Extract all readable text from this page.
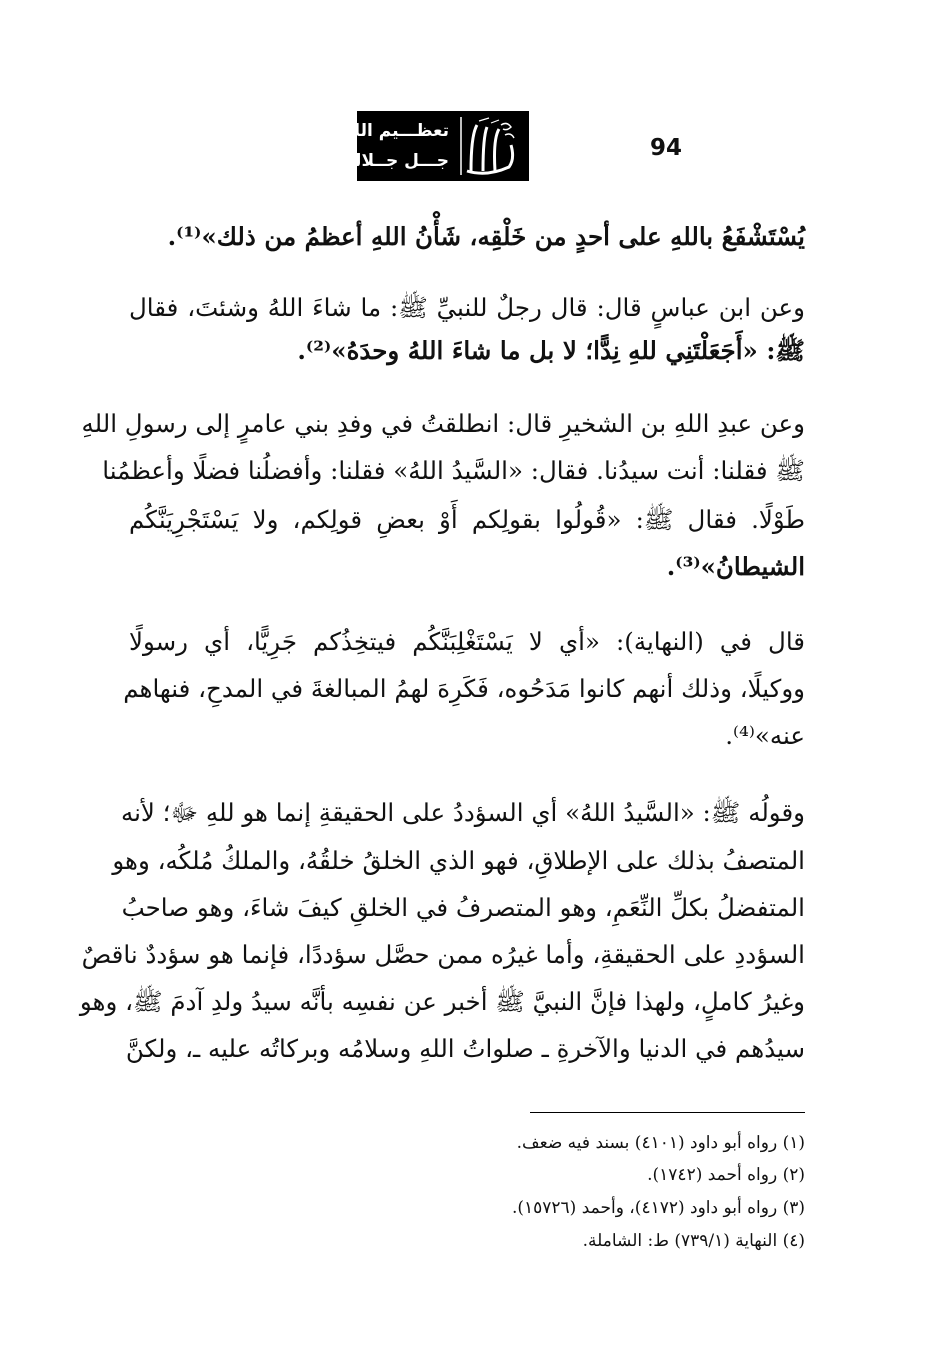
تعظـــيم اللـــه
جـــل جــلالــه	94
يُسْتَشْفَعُ باللهِ على أحدٍ من خَلْقِه، شَأْنُ اللهِ أعظمُ من ذلك»⁽¹⁾.
وعن ابن عباسٍ قال: قال رجلٌ للنبيِّ ﷺ: ما شاءَ اللهُ وشئتَ، فقال
ﷺ: «أَجَعَلْتَنِي للهِ نِدًّا؛ لا بل ما شاءَ اللهُ وحدَهُ»⁽²⁾.
وعن عبدِ اللهِ بن الشخيرِ قال: انطلقتُ في وفدِ بني عامرٍ إلى رسولِ اللهِ
ﷺ فقلنا: أنت سيدُنا. فقال: «السَّيدُ اللهُ» فقلنا: وأفضلُنا فضلًا وأعظمُنا
طَوْلًا. فقال ﷺ: «قُولُوا بقولِكم أَوْ بعضِ قولِكم، ولا يَسْتَجْرِيَنَّكُم
الشيطانُ»⁽³⁾.
قال في (النهاية): «أي لا يَسْتَغْلِبَنَّكُم فيتخِذُكم جَرِيًّا، أي رسولًا
ووكيلًا، وذلك أنهم كانوا مَدَحُوه، فَكَرِهَ لهمُ المبالغةَ في المدحِ، فنهاهم
عنه»⁽⁴⁾.
وقولُه ﷺ: «السَّيدُ اللهُ» أي السؤددُ على الحقيقةِ إنما هو للهِ ﷻ؛ لأنه
المتصفُ بذلك على الإطلاقِ، فهو الذي الخلقُ خلقُهُ، والملكُ مُلكُه، وهو
المتفضلُ بكلِّ النِّعَمِ، وهو المتصرفُ في الخلقِ كيفَ شاءَ، وهو صاحبُ
السؤددِ على الحقيقةِ، وأما غيرُه ممن حصَّل سؤددًا، فإنما هو سؤددٌ ناقصٌ
وغيرُ كاملٍ، ولهذا فإنَّ النبيَّ ﷺ أخبر عن نفسِه بأنَّه سيدُ ولدِ آدمَ ﷺ، وهو
سيدُهم في الدنيا والآخرةِ ـ صلواتُ اللهِ وسلامُه وبركاتُه عليه ـ، ولكنَّ
(١) رواه أبو داود (٤١٠١) بسند فيه ضعف.
(٢) رواه أحمد (١٧٤٢).
(٣) رواه أبو داود (٤١٧٢)، وأحمد (١٥٧٢٦).
(٤) النهاية (٧٣٩/١) ط: الشاملة.
